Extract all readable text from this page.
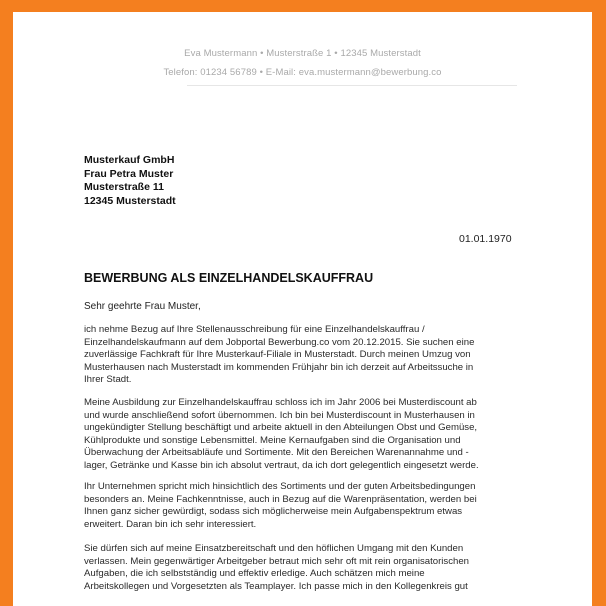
Eva Mustermann • Musterstraße 1 • 12345 Musterstadt
Telefon: 01234 56789 • E-Mail: eva.mustermann@bewerbung.co
Musterkauf GmbH
Frau Petra Muster
Musterstraße 11
12345 Musterstadt
01.01.1970
BEWERBUNG ALS EINZELHANDELSKAUFFRAU
Sehr geehrte Frau Muster,
ich nehme Bezug auf Ihre Stellenausschreibung für eine Einzelhandelskauffrau /
Einzelhandelskaufmann auf dem Jobportal Bewerbung.co vom 20.12.2015. Sie suchen eine
zuverlässige Fachkraft für Ihre Musterkauf-Filiale in Musterstadt. Durch meinen Umzug von
Musterhausen nach Musterstadt im kommenden Frühjahr bin ich derzeit auf Arbeitssuche in
Ihrer Stadt.
Meine Ausbildung zur Einzelhandelskauffrau schloss ich im Jahr 2006 bei Musterdiscount ab
und wurde anschließend sofort übernommen. Ich bin bei Musterdiscount in Musterhausen in
ungekündigter Stellung beschäftigt und arbeite aktuell in den Abteilungen Obst und Gemüse,
Kühlprodukte und sonstige Lebensmittel. Meine Kernaufgaben sind die Organisation und
Überwachung der Arbeitsabläufe und Sortimente. Mit den Bereichen Warenannahme und -
lager, Getränke und Kasse bin ich absolut vertraut, da ich dort gelegentlich eingesetzt werde.
Ihr Unternehmen spricht mich hinsichtlich des Sortiments und der guten Arbeitsbedingungen
besonders an. Meine Fachkenntnisse, auch in Bezug auf die Warenpräsentation, werden bei
Ihnen ganz sicher gewürdigt, sodass sich möglicherweise mein Aufgabenspektrum etwas
erweitert. Daran bin ich sehr interessiert.
Sie dürfen sich auf meine Einsatzbereitschaft und den höflichen Umgang mit den Kunden
verlassen. Mein gegenwärtiger Arbeitgeber betraut mich sehr oft mit rein organisatorischen
Aufgaben, die ich selbstständig und effektiv erledige. Auch schätzen mich meine
Arbeitskollegen und Vorgesetzten als Teamplayer. Ich passe mich in den Kollegenkreis gut
